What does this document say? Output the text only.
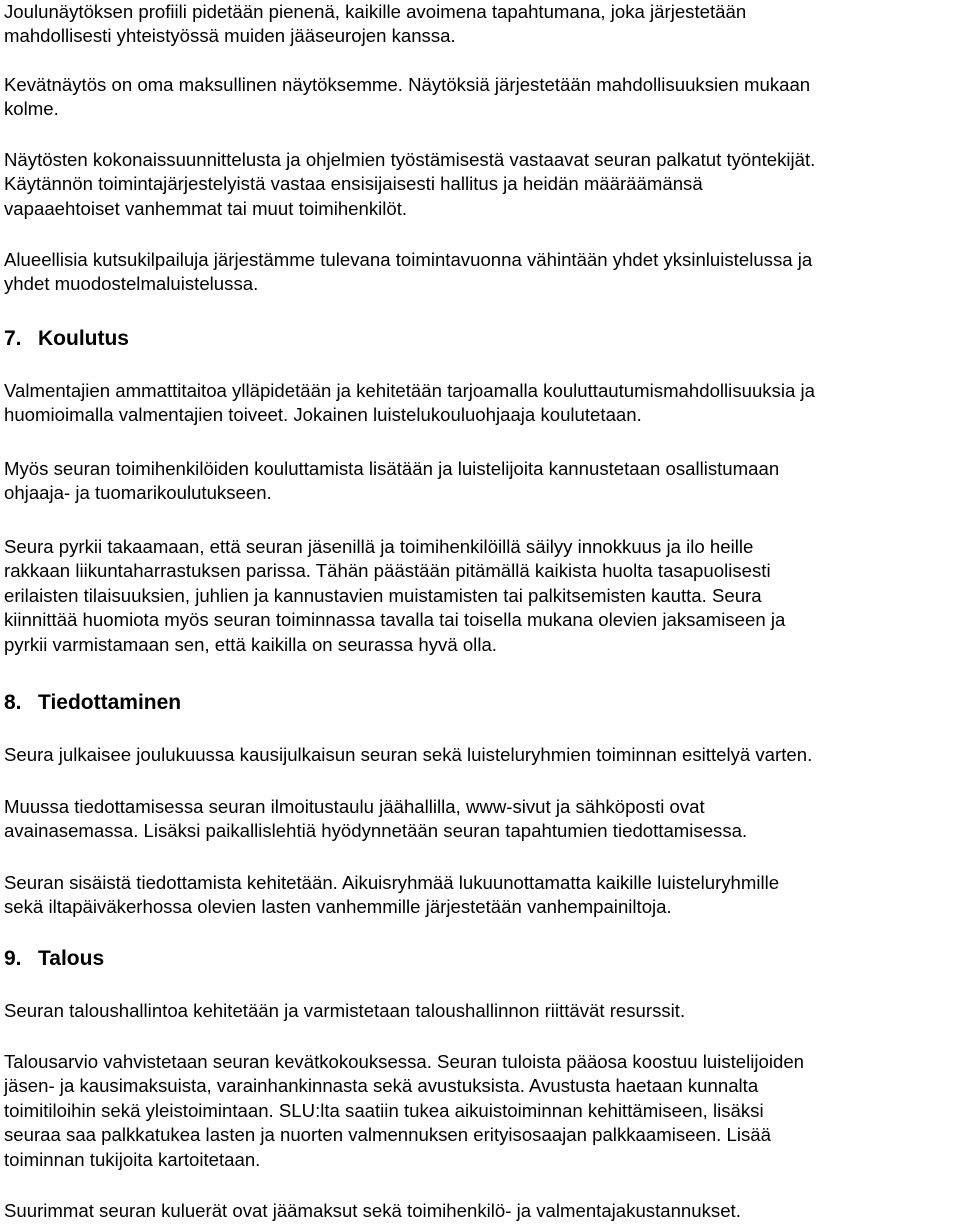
Joulunäytöksen profiili pidetään pienenä, kaikille avoimena tapahtumana, joka järjestetään
mahdollisesti yhteistyössä muiden jääseurojen kanssa.

Kevätnäytös on oma maksullinen näytöksemme. Näytöksiä järjestetään mahdollisuuksien mukaan
kolme.

Näytösten kokonaissuunnittelusta ja ohjelmien työstämisestä vastaavat seuran palkatut työntekijät.
Käytännön toimintajärjestelyistä vastaa ensisijaisesti hallitus ja heidän määräämänsä
vapaaehtoiset vanhemmat tai muut toimihenkilöt.

Alueellisia kutsukilpailuja järjestämme tulevana toimintavuonna vähintään yhdet yksinluistelussa ja
yhdet muodostelmaluistelussa.

7. Koulutus

Valmentajien ammattitaitoa ylläpidetään ja kehitetään tarjoamalla kouluttautumismahdollisuuksia ja
huomioimalla valmentajien toiveet. Jokainen luistelukouluohjaaja koulutetaan.

Myös seuran toimihenkilöiden kouluttamista lisätään ja luistelijoita kannustetaan osallistumaan
ohjaaja- ja tuomarikoulutukseen.

Seura pyrkii takaamaan, että seuran jäsenillä ja toimihenkilöillä säilyy innokkuus ja ilo heille
rakkaan liikuntaharrastuksen parissa. Tähän päästään pitämällä kaikista huolta tasapuolisesti
erilaisten tilaisuuksien, juhlien ja kannustavien muistamisten tai palkitsemisten kautta. Seura
kiinnittää huomiota myös seuran toiminnassa tavalla tai toisella mukana olevien jaksamiseen ja
pyrkii varmistamaan sen, että kaikilla on seurassa hyvä olla.

8. Tiedottaminen

Seura julkaisee joulukuussa kausijulkaisun seuran sekä luisteluryhmien toiminnan esittelyä varten.

Muussa tiedottamisessa seuran ilmoitustaulu jäähallilla, www-sivut ja sähköposti ovat
avainasemassa. Lisäksi paikallislehtiä hyödynnetään seuran tapahtumien tiedottamisessa.

Seuran sisäistä tiedottamista kehitetään. Aikuisryhmää lukuunottamatta kaikille luisteluryhmille
sekä iltapäiväkerhossa olevien lasten vanhemmille järjestetään vanhempainiltoja.

9. Talous

Seuran taloushallintoa kehitetään ja varmistetaan taloushallinnon riittävät resurssit.

Talousarvio vahvistetaan seuran kevätkokouksessa. Seuran tuloista pääosa koostuu luistelijoiden
jäsen- ja kausimaksuista, varainhankinnasta sekä avustuksista. Avustusta haetaan kunnalta
toimitiloihin sekä yleistoimintaan. SLU:lta saatiin tukea aikuistoiminnan kehittämiseen, lisäksi
seuraa saa palkkatukea lasten ja nuorten valmennuksen erityisosaajan palkkaamiseen. Lisää
toiminnan tukijoita kartoitetaan.

Suurimmat seuran kuluerät ovat jäämaksut sekä toimihenkilö- ja valmentajakustannukset.
